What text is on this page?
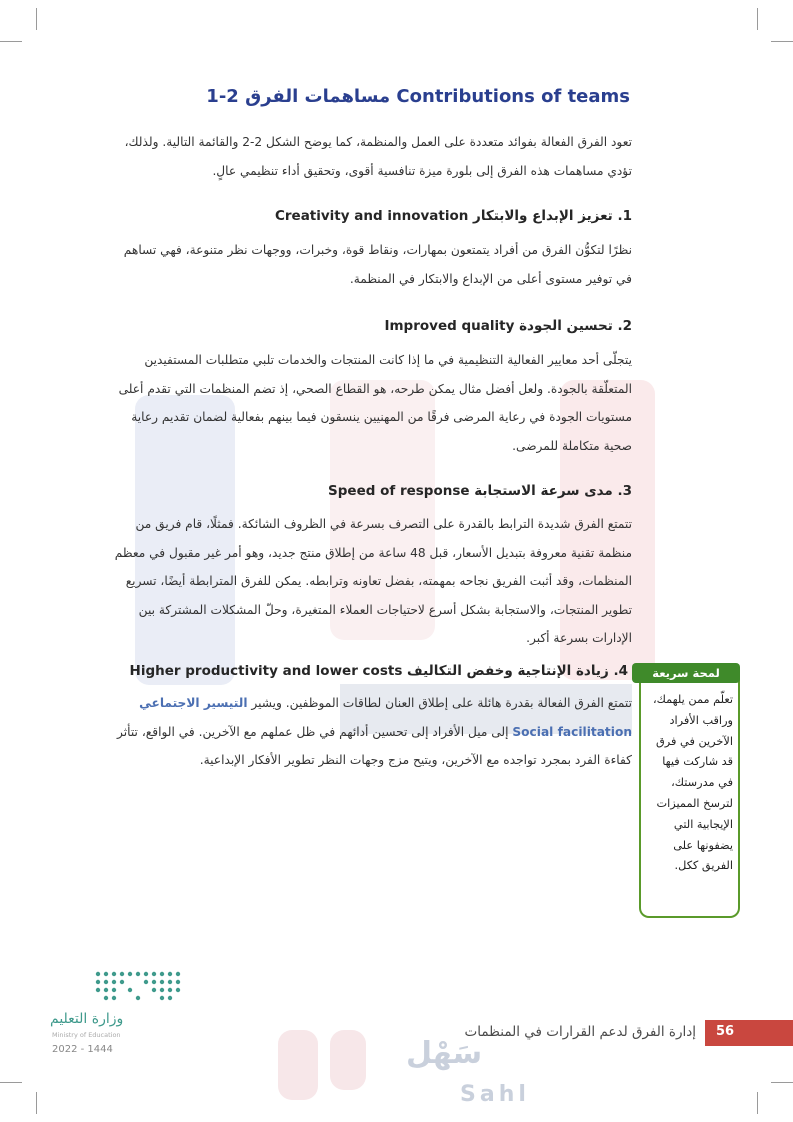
Contributions of teams مساهمات الفرق 2-1
تعود الفرق الفعالة بفوائد متعددة على العمل والمنظمة، كما يوضح الشكل 2-2 والقائمة التالية. ولذلك، تؤدي مساهمات هذه الفرق إلى بلورة ميزة تنافسية أقوى، وتحقيق أداء تنظيمي عالٍ.
1. تعزيز الإبداع والابتكار Creativity and innovation
نظرًا لتكوُّن الفرق من أفراد يتمتعون بمهارات، ونقاط قوة، وخبرات، ووجهات نظر متنوعة، فهي تساهم في توفير مستوى أعلى من الإبداع والابتكار في المنظمة.
2. تحسين الجودة Improved quality
يتجلّى أحد معايير الفعالية التنظيمية في ما إذا كانت المنتجات والخدمات تلبي متطلبات المستفيدين المتعلّقة بالجودة. ولعل أفضل مثال يمكن طرحه، هو القطاع الصحي، إذ تضم المنظمات التي تقدم أعلى مستويات الجودة في رعاية المرضى فرقًا من المهنيين ينسقون فيما بينهم بفعالية لضمان تقديم رعاية صحية متكاملة للمرضى.
3. مدى سرعة الاستجابة Speed of response
تتمتع الفرق شديدة الترابط بالقدرة على التصرف بسرعة في الظروف الشائكة. فمثلًا، قام فريق من منظمة تقنية معروفة بتبديل الأسعار، قبل 48 ساعة من إطلاق منتج جديد، وهو أمر غير مقبول في معظم المنظمات، وقد أثبت الفريق نجاحه بمهمته، بفضل تعاونه وترابطه. يمكن للفرق المترابطة أيضًا، تسريع تطوير المنتجات، والاستجابة بشكل أسرع لاحتياجات العملاء المتغيرة، وحلّ المشكلات المشتركة بين الإدارات بسرعة أكبر.
4. زيادة الإنتاجية وخفض التكاليف Higher productivity and lower costs
تتمتع الفرق الفعالة بقدرة هائلة على إطلاق العنان لطاقات الموظفين. ويشير التيسير الاجتماعي Social facilitation إلى ميل الأفراد إلى تحسين أدائهم في ظل عملهم مع الآخرين. في الواقع، تتأثر كفاءة الفرد بمجرد تواجده مع الآخرين، ويتيح مزج وجهات النظر تطوير الأفكار الإبداعية.
لمحة سريعة
تعلّم ممن يلهمك، وراقب الأفراد الآخرين في فرق قد شاركت فيها في مدرستك، لترسخ المميزات الإيجابية التي يضفونها على الفريق ككل.
وزارة التعليم
Ministry of Education
2022 - 1444	سَهْل
Sahl
56
إدارة الفرق لدعم القرارات في المنظمات
